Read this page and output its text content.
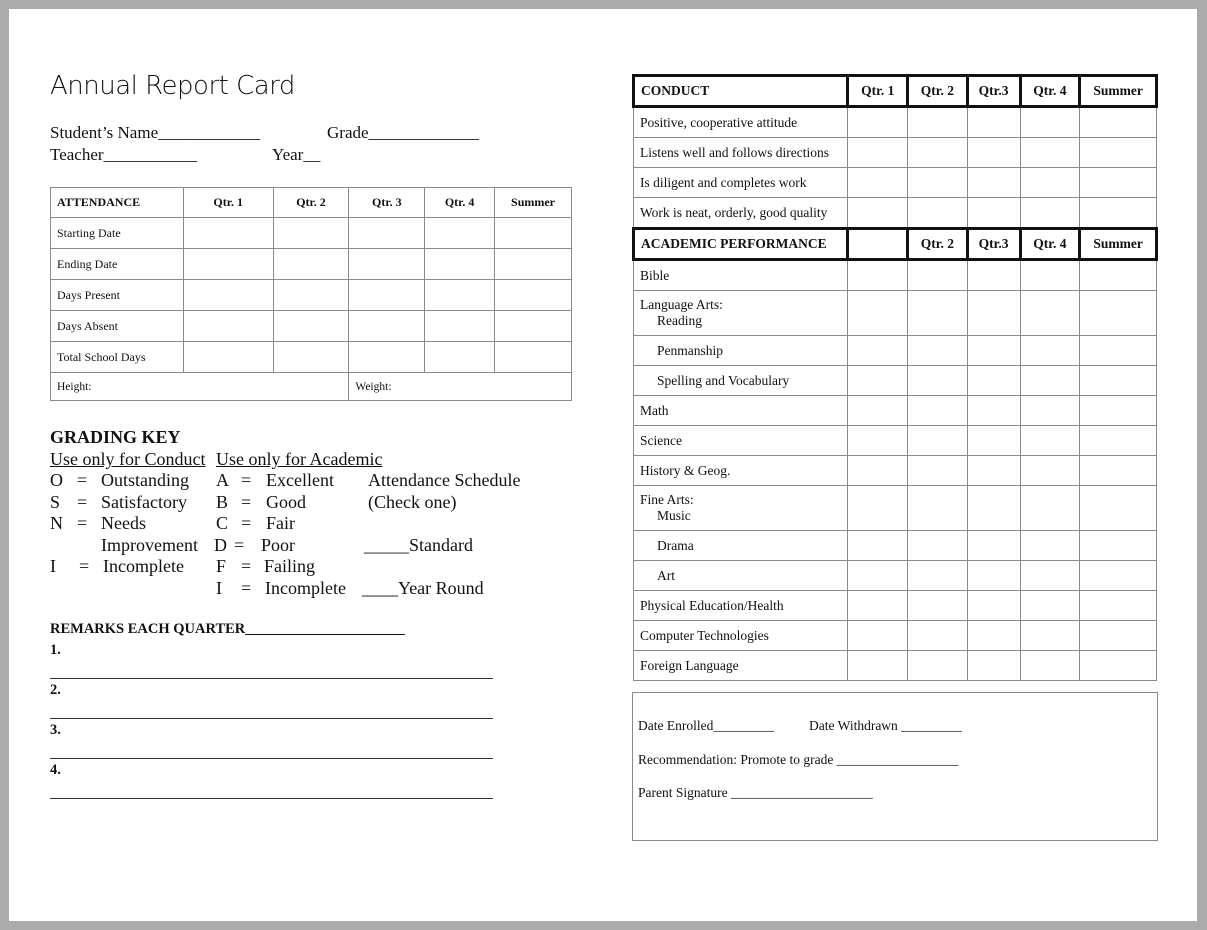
Annual Report Card
Student’s Name____________	Grade_____________
Teacher___________	Year__
ATTENDANCE	Qtr. 1	Qtr. 2	Qtr. 3	Qtr. 4	Summer
Starting Date					
Ending Date					
Days Present					
Days Absent					
Total School Days					
Height:			Weight:		
GRADING KEY
Use only for Conduct Use only for Academic
O = Outstanding
S = Satisfactory
N = Needs
Improvement
I = Incomplete
A = Excellent
B = Good
C = Fair
D = Poor
F = Failing
I = Incomplete
Attendance Schedule
(Check one)
_____Standard
____Year Round
REMARKS EACH QUARTER______________________
1.
2.
3.
4.
CONDUCT	Qtr. 1	Qtr. 2	Qtr.3	Qtr. 4	Summer
Positive, cooperative attitude					
Listens well and follows directions					
Is diligent and completes work					
Work is neat, orderly, good quality					
ACADEMIC PERFORMANCE		Qtr. 2	Qtr.3	Qtr. 4	Summer
Bible					

Language Arts:
Reading					

Penmanship					
Spelling and Vocabulary					
Math					
Science					
History & Geog.					

Fine Arts:
Music					

Drama					
Art					
Physical Education/Health					
Computer Technologies					
Foreign Language					
Date Enrolled_________	Date Withdrawn _________
Recommendation: Promote to grade __________________
Parent Signature _____________________
